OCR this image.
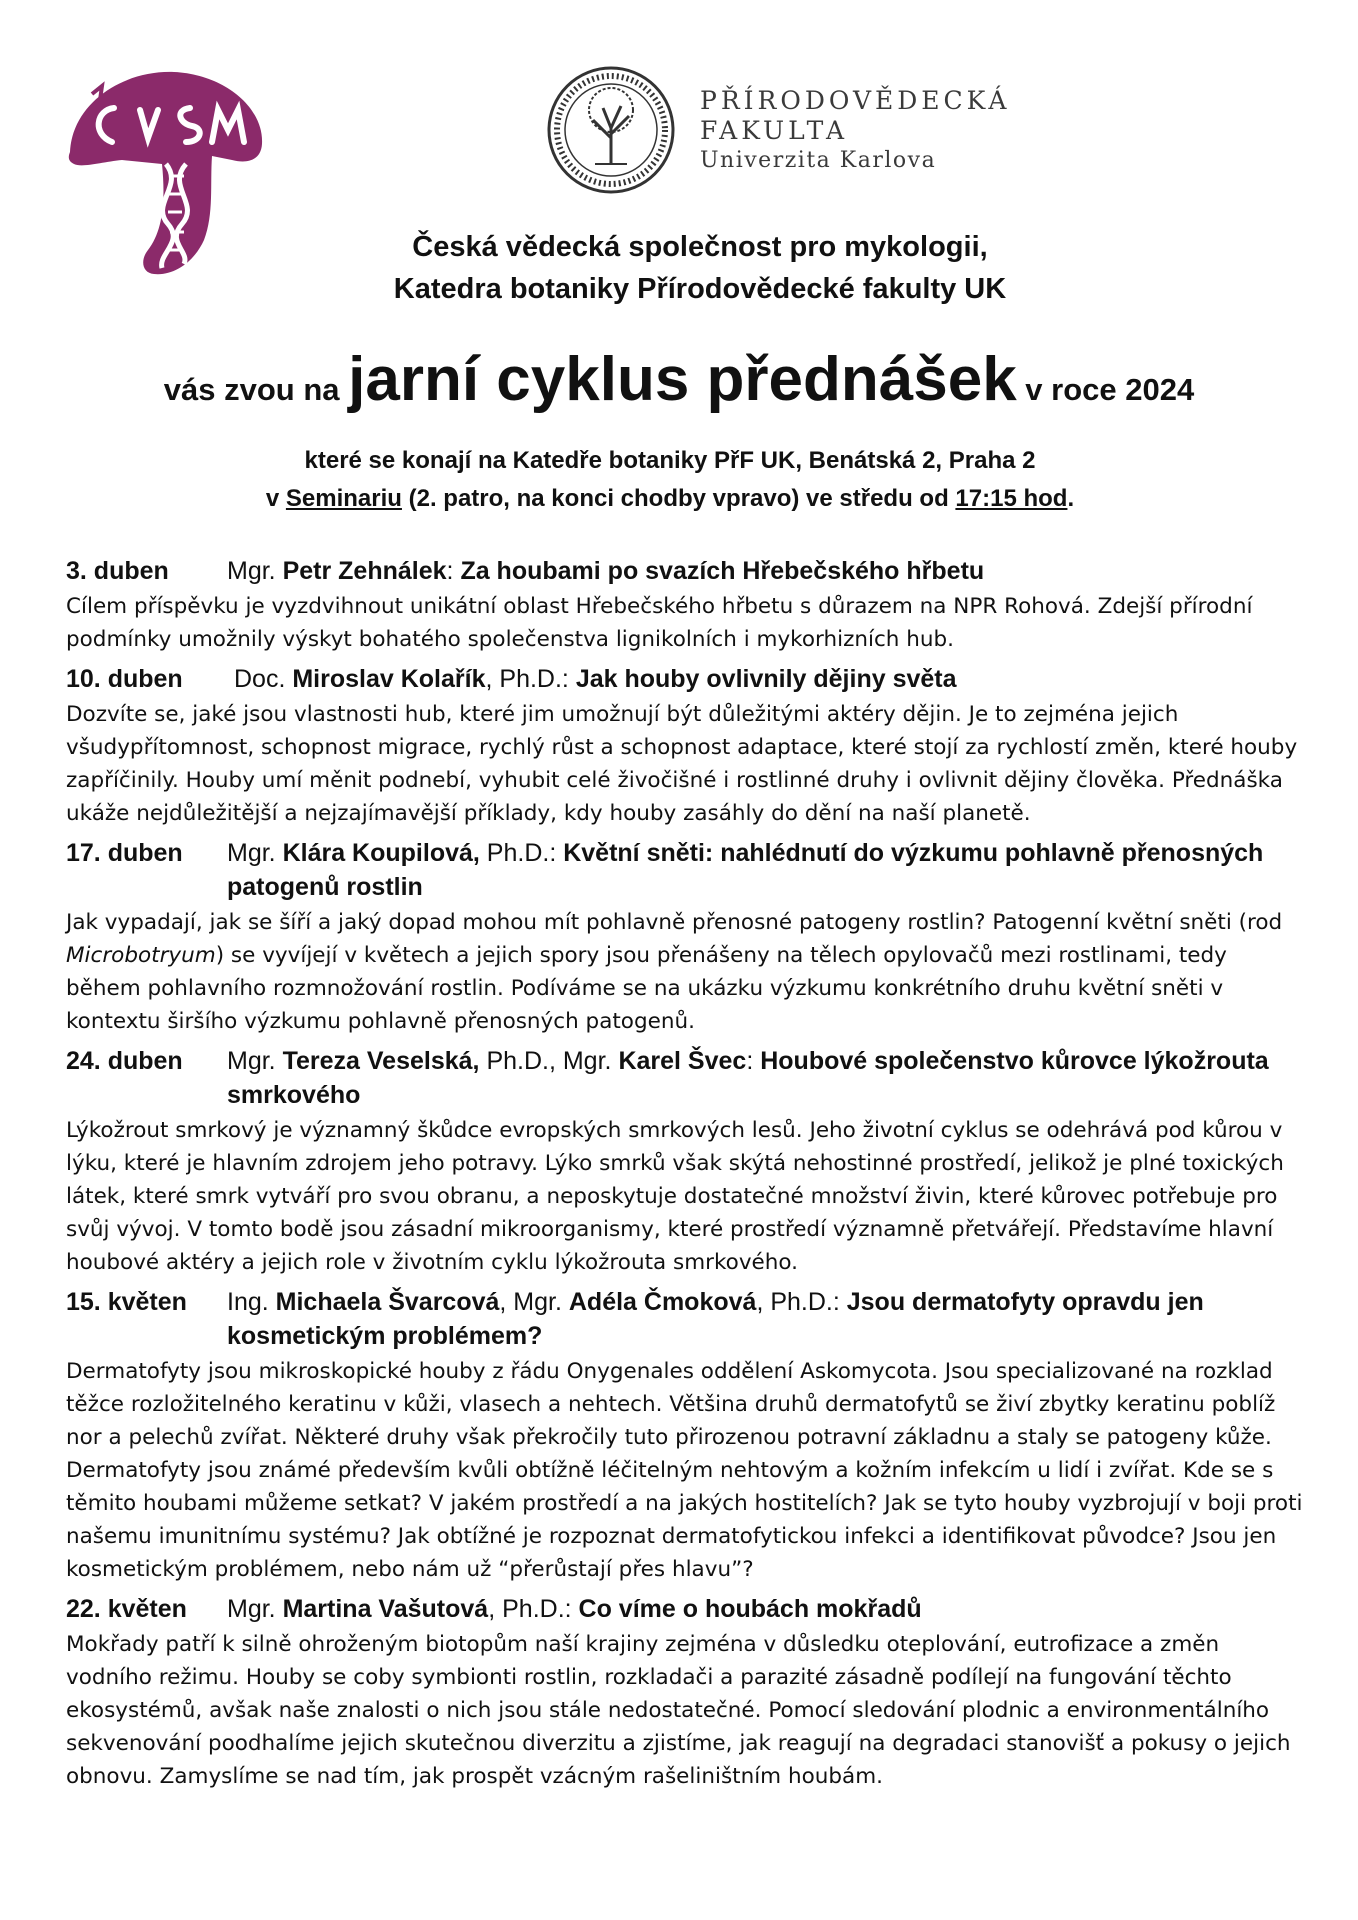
PŘÍRODOVĚDECKÁ
FAKULTA
Univerzita Karlova
Česká vědecká společnost pro mykologii,
Katedra botaniky Přírodovědecké fakulty UK
vás zvou na jarní cyklus přednášek v roce 2024
které se konají na Katedře botaniky PřF UK, Benátská 2, Praha 2
v Seminariu (2. patro, na konci chodby vpravo) ve středu od 17:15 hod.
3. duben	Mgr. Petr Zehnálek: Za houbami po svazích Hřebečského hřbetu
Cílem příspěvku je vyzdvihnout unikátní oblast Hřebečského hřbetu s důrazem na NPR Rohová. Zdejší přírodní podmínky umožnily výskyt bohatého společenstva lignikolních i mykorhizních hub.
10. duben	Doc. Miroslav Kolařík, Ph.D.: Jak houby ovlivnily dějiny světa
Dozvíte se, jaké jsou vlastnosti hub, které jim umožnují být důležitými aktéry dějin. Je to zejména jejich všudypřítomnost, schopnost migrace, rychlý růst a schopnost adaptace, které stojí za rychlostí změn, které houby zapříčinily. Houby umí měnit podnebí, vyhubit celé živočišné i rostlinné druhy i ovlivnit dějiny člověka. Přednáška ukáže nejdůležitější a nejzajímavější příklady, kdy houby zasáhly do dění na naší planetě.
17. duben	Mgr. Klára Koupilová, Ph.D.: Květní sněti: nahlédnutí do výzkumu pohlavně přenosných patogenů rostlin
Jak vypadají, jak se šíří a jaký dopad mohou mít pohlavně přenosné patogeny rostlin? Patogenní květní sněti (rod Microbotryum) se vyvíjejí v květech a jejich spory jsou přenášeny na tělech opylovačů mezi rostlinami, tedy během pohlavního rozmnožování rostlin. Podíváme se na ukázku výzkumu konkrétního druhu květní sněti v kontextu širšího výzkumu pohlavně přenosných patogenů.
24. duben	Mgr. Tereza Veselská, Ph.D., Mgr. Karel Švec: Houbové společenstvo kůrovce lýkožrouta smrkového
Lýkožrout smrkový je významný škůdce evropských smrkových lesů. Jeho životní cyklus se odehrává pod kůrou v lýku, které je hlavním zdrojem jeho potravy. Lýko smrků však skýtá nehostinné prostředí, jelikož je plné toxických látek, které smrk vytváří pro svou obranu, a neposkytuje dostatečné množství živin, které kůrovec potřebuje pro svůj vývoj. V tomto bodě jsou zásadní mikroorganismy, které prostředí významně přetvářejí. Představíme hlavní houbové aktéry a jejich role v životním cyklu lýkožrouta smrkového.
15. květen	Ing. Michaela Švarcová, Mgr. Adéla Čmoková, Ph.D.: Jsou dermatofyty opravdu jen kosmetickým problémem?
Dermatofyty jsou mikroskopické houby z řádu Onygenales oddělení Askomycota. Jsou specializované na rozklad těžce rozložitelného keratinu v kůži, vlasech a nehtech. Většina druhů dermatofytů se živí zbytky keratinu poblíž nor a pelechů zvířat. Některé druhy však překročily tuto přirozenou potravní základnu a staly se patogeny kůže. Dermatofyty jsou známé především kvůli obtížně léčitelným nehtovým a kožním infekcím u lidí i zvířat. Kde se s těmito houbami můžeme setkat? V jakém prostředí a na jakých hostitelích? Jak se tyto houby vyzbrojují v boji proti našemu imunitnímu systému? Jak obtížné je rozpoznat dermatofytickou infekci a identifikovat původce? Jsou jen kosmetickým problémem, nebo nám už “přerůstají přes hlavu”?
22. květen	Mgr. Martina Vašutová, Ph.D.: Co víme o houbách mokřadů
Mokřady patří k silně ohroženým biotopům naší krajiny zejména v důsledku oteplování, eutrofizace a změn vodního režimu. Houby se coby symbionti rostlin, rozkladači a parazité zásadně podílejí na fungování těchto ekosystémů, avšak naše znalosti o nich jsou stále nedostatečné. Pomocí sledování plodnic a environmentálního sekvenování poodhalíme jejich skutečnou diverzitu a zjistíme, jak reagují na degradaci stanovišť a pokusy o jejich obnovu. Zamyslíme se nad tím, jak prospět vzácným rašeliništním houbám.
